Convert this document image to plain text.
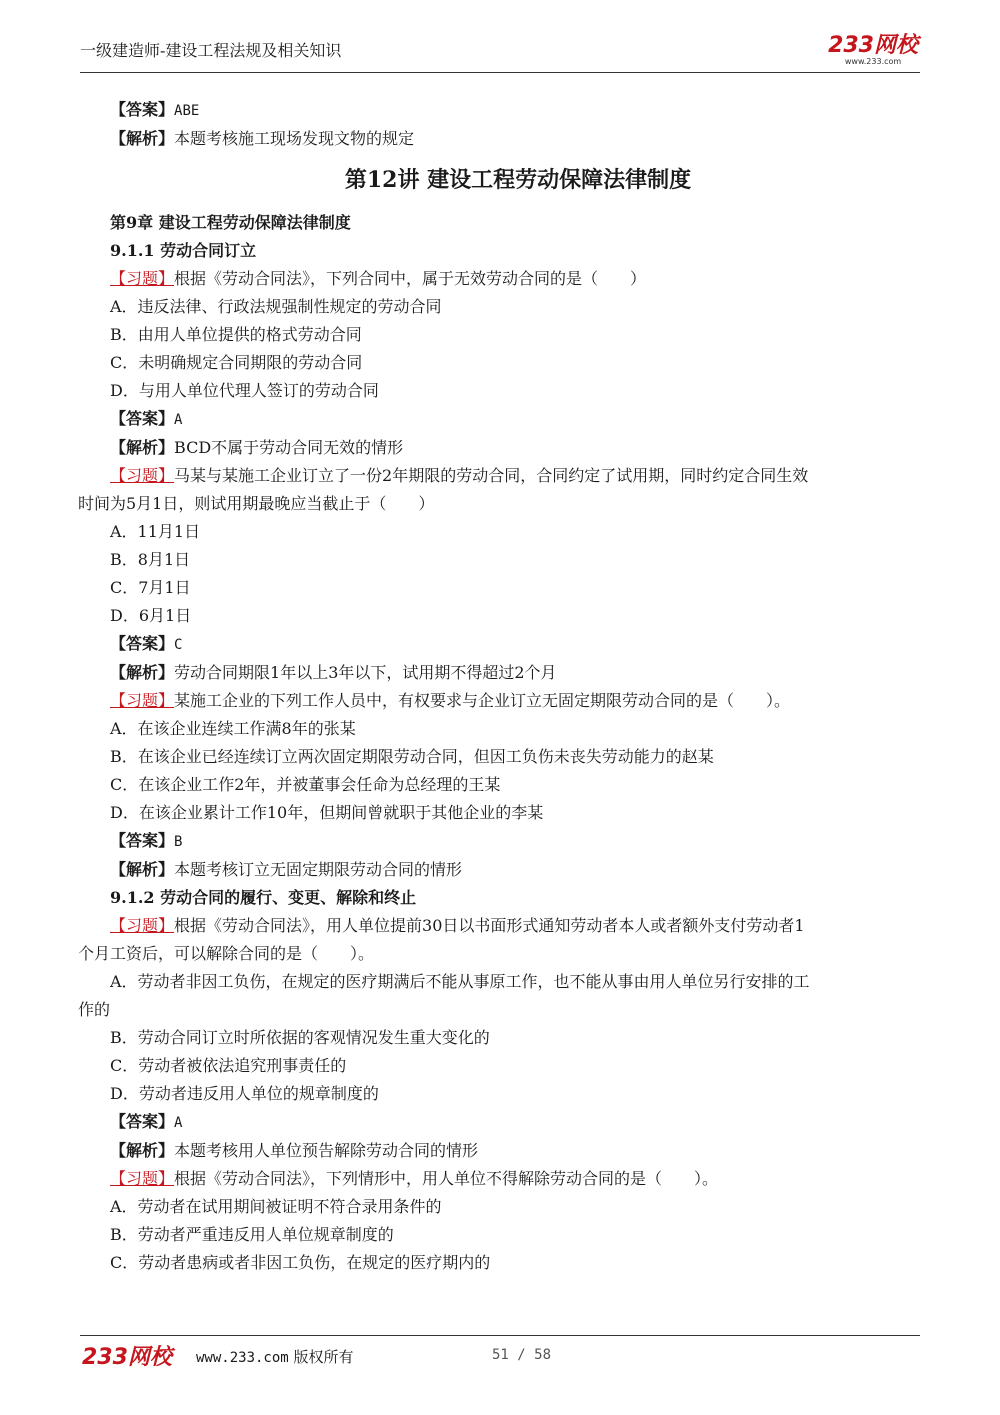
一级建造师-建设工程法规及相关知识	233网校
www.233.com
【答案】ABE
【解析】本题考核施工现场发现文物的规定
第12讲 建设工程劳动保障法律制度
第9章 建设工程劳动保障法律制度
9.1.1 劳动合同订立
【习题】根据《劳动合同法》，下列合同中，属于无效劳动合同的是（　　）
A．违反法律、行政法规强制性规定的劳动合同
B．由用人单位提供的格式劳动合同
C．未明确规定合同期限的劳动合同
D．与用人单位代理人签订的劳动合同
【答案】A
【解析】BCD不属于劳动合同无效的情形
【习题】马某与某施工企业订立了一份2年期限的劳动合同，合同约定了试用期，同时约定合同生效
时间为5月1日，则试用期最晚应当截止于（　　）
A．11月1日
B．8月1日
C．7月1日
D．6月1日
【答案】C
【解析】劳动合同期限1年以上3年以下，试用期不得超过2个月
【习题】某施工企业的下列工作人员中，有权要求与企业订立无固定期限劳动合同的是（　　）。
A．在该企业连续工作满8年的张某
B．在该企业已经连续订立两次固定期限劳动合同，但因工负伤未丧失劳动能力的赵某
C．在该企业工作2年，并被董事会任命为总经理的王某
D．在该企业累计工作10年，但期间曾就职于其他企业的李某
【答案】B
【解析】本题考核订立无固定期限劳动合同的情形
9.1.2 劳动合同的履行、变更、解除和终止
【习题】根据《劳动合同法》，用人单位提前30日以书面形式通知劳动者本人或者额外支付劳动者1
个月工资后，可以解除合同的是（　　）。
A．劳动者非因工负伤，在规定的医疗期满后不能从事原工作，也不能从事由用人单位另行安排的工
作的
B．劳动合同订立时所依据的客观情况发生重大变化的
C．劳动者被依法追究刑事责任的
D．劳动者违反用人单位的规章制度的
【答案】A
【解析】本题考核用人单位预告解除劳动合同的情形
【习题】根据《劳动合同法》，下列情形中，用人单位不得解除劳动合同的是（　　）。
A．劳动者在试用期间被证明不符合录用条件的
B．劳动者严重违反用人单位规章制度的
C．劳动者患病或者非因工负伤，在规定的医疗期内的
233网校 www.233.com 版权所有	51 / 58
